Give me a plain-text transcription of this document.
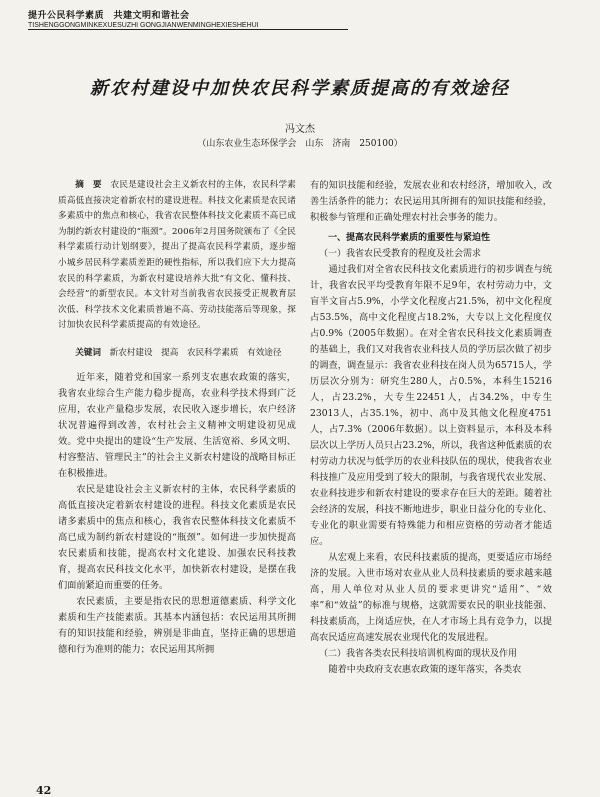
提升公民科学素质　共建文明和谐社会
TISHENGGONGMINKEXUESUZHI GONGJIANWENMINGHEXIESHEHUI
新农村建设中加快农民科学素质提高的有效途径
冯文杰
（山东农业生态环保学会　山东　济南　250100）

摘　要　 农民是建设社会主义新农村的主体，农民科学素质高低直接决定着新农村的建设进程。科技文化素质是农民诸多素质中的焦点和核心，我省农民整体科技文化素质不高已成为制约新农村建设的“瓶颈”。2006年2月国务院颁布了《全民科学素质行动计划纲要》，提出了提高农民科学素质，逐步缩小城乡居民科学素质差距的硬性指标，所以我们应下大力提高农民的科学素质，为新农村建设培养大批“有文化、懂科技、会经营”的新型农民。本文针对当前我省农民接受正规教育层次低、科学技术文化素质普遍不高、劳动技能落后等现象，探讨加快农民科学素质提高的有效途径。

关键词　 新农村建设　提高　农民科学素质　有效途径

近年来，随着党和国家一系列支农惠农政策的落实，我省农业综合生产能力稳步提高，农业科学技术得到广泛应用，农业产量稳步发展，农民收入逐步增长，农户经济状况普遍得到改善，农村社会主义精神文明建设初见成效。党中央提出的建设“生产发展、生活宽裕、乡风文明、村容整洁、管理民主”的社会主义新农村建设的战略目标正在积极推进。

农民是建设社会主义新农村的主体，农民科学素质的高低直接决定着新农村建设的进程。科技文化素质是农民诸多素质中的焦点和核心，我省农民整体科技文化素质不高已成为制约新农村建设的“瓶颈”。如何进一步加快提高农民素质和技能，提高农村文化建设、加强农民科技教育，提高农民科技文化水平，加快新农村建设，是摆在我们面前紧迫而重要的任务。

农民素质，主要是指农民的思想道德素质、科学文化素质和生产技能素质。其基本内涵包括：农民运用其所拥有的知识技能和经验，辨别是非曲直，坚持正确的思想道德和行为准则的能力；农民运用其所拥

有的知识技能和经验，发展农业和农村经济，增加收入，改善生活条件的能力；农民运用其所拥有的知识技能和经验，积极参与管理和正确处理农村社会事务的能力。

一、提高农民科学素质的重要性与紧迫性

（一）我省农民受教育的程度及社会需求

通过我们对全省农民科技文化素质进行的初步调查与统计，我省农民平均受教育年限不足9年，农村劳动力中，文盲半文盲占5.9%，小学文化程度占21.5%，初中文化程度占53.5%，高中文化程度占18.2%，大专以上文化程度仅占0.9%（2005年数据）。在对全省农民科技文化素质调查的基础上，我们又对我省农业科技人员的学历层次做了初步的调查，调查显示：我省农业科技在岗人员为65715人，学历层次分别为：研究生280人，占0.5%，本科生15216人，占23.2%，大专生22451人，占34.2%，中专生23013人，占35.1%，初中、高中及其他文化程度4751人，占7.3%（2006年数据）。以上资料显示，本科及本科层次以上学历人员只占23.2%，所以，我省这种低素质的农村劳动力状况与低学历的农业科技队伍的现状，使我省农业科技推广及应用受到了较大的限制，与我省现代农业发展、农业科技进步和新农村建设的要求存在巨大的差距。随着社会经济的发展，科技不断地进步，职业日益分化的专业化、专业化的职业需要有特殊能力和相应资格的劳动者才能适应。

从宏观上来看，农民科技素质的提高，更要适应市场经济的发展。入世市场对农业从业人员科技素质的要求越来越高，用人单位对从业人员的要求更讲究“适用”、“效率”和“效益”的标准与规格，这就需要农民的职业技能强、科技素质高，上岗适应快，在人才市场上具有竞争力，以提高农民适应高速发展农业现代化的发展进程。

（二）我省各类农民科技培训机构面的现状及作用

随着中央政府支农惠农政策的逐年落实，各类农

42
